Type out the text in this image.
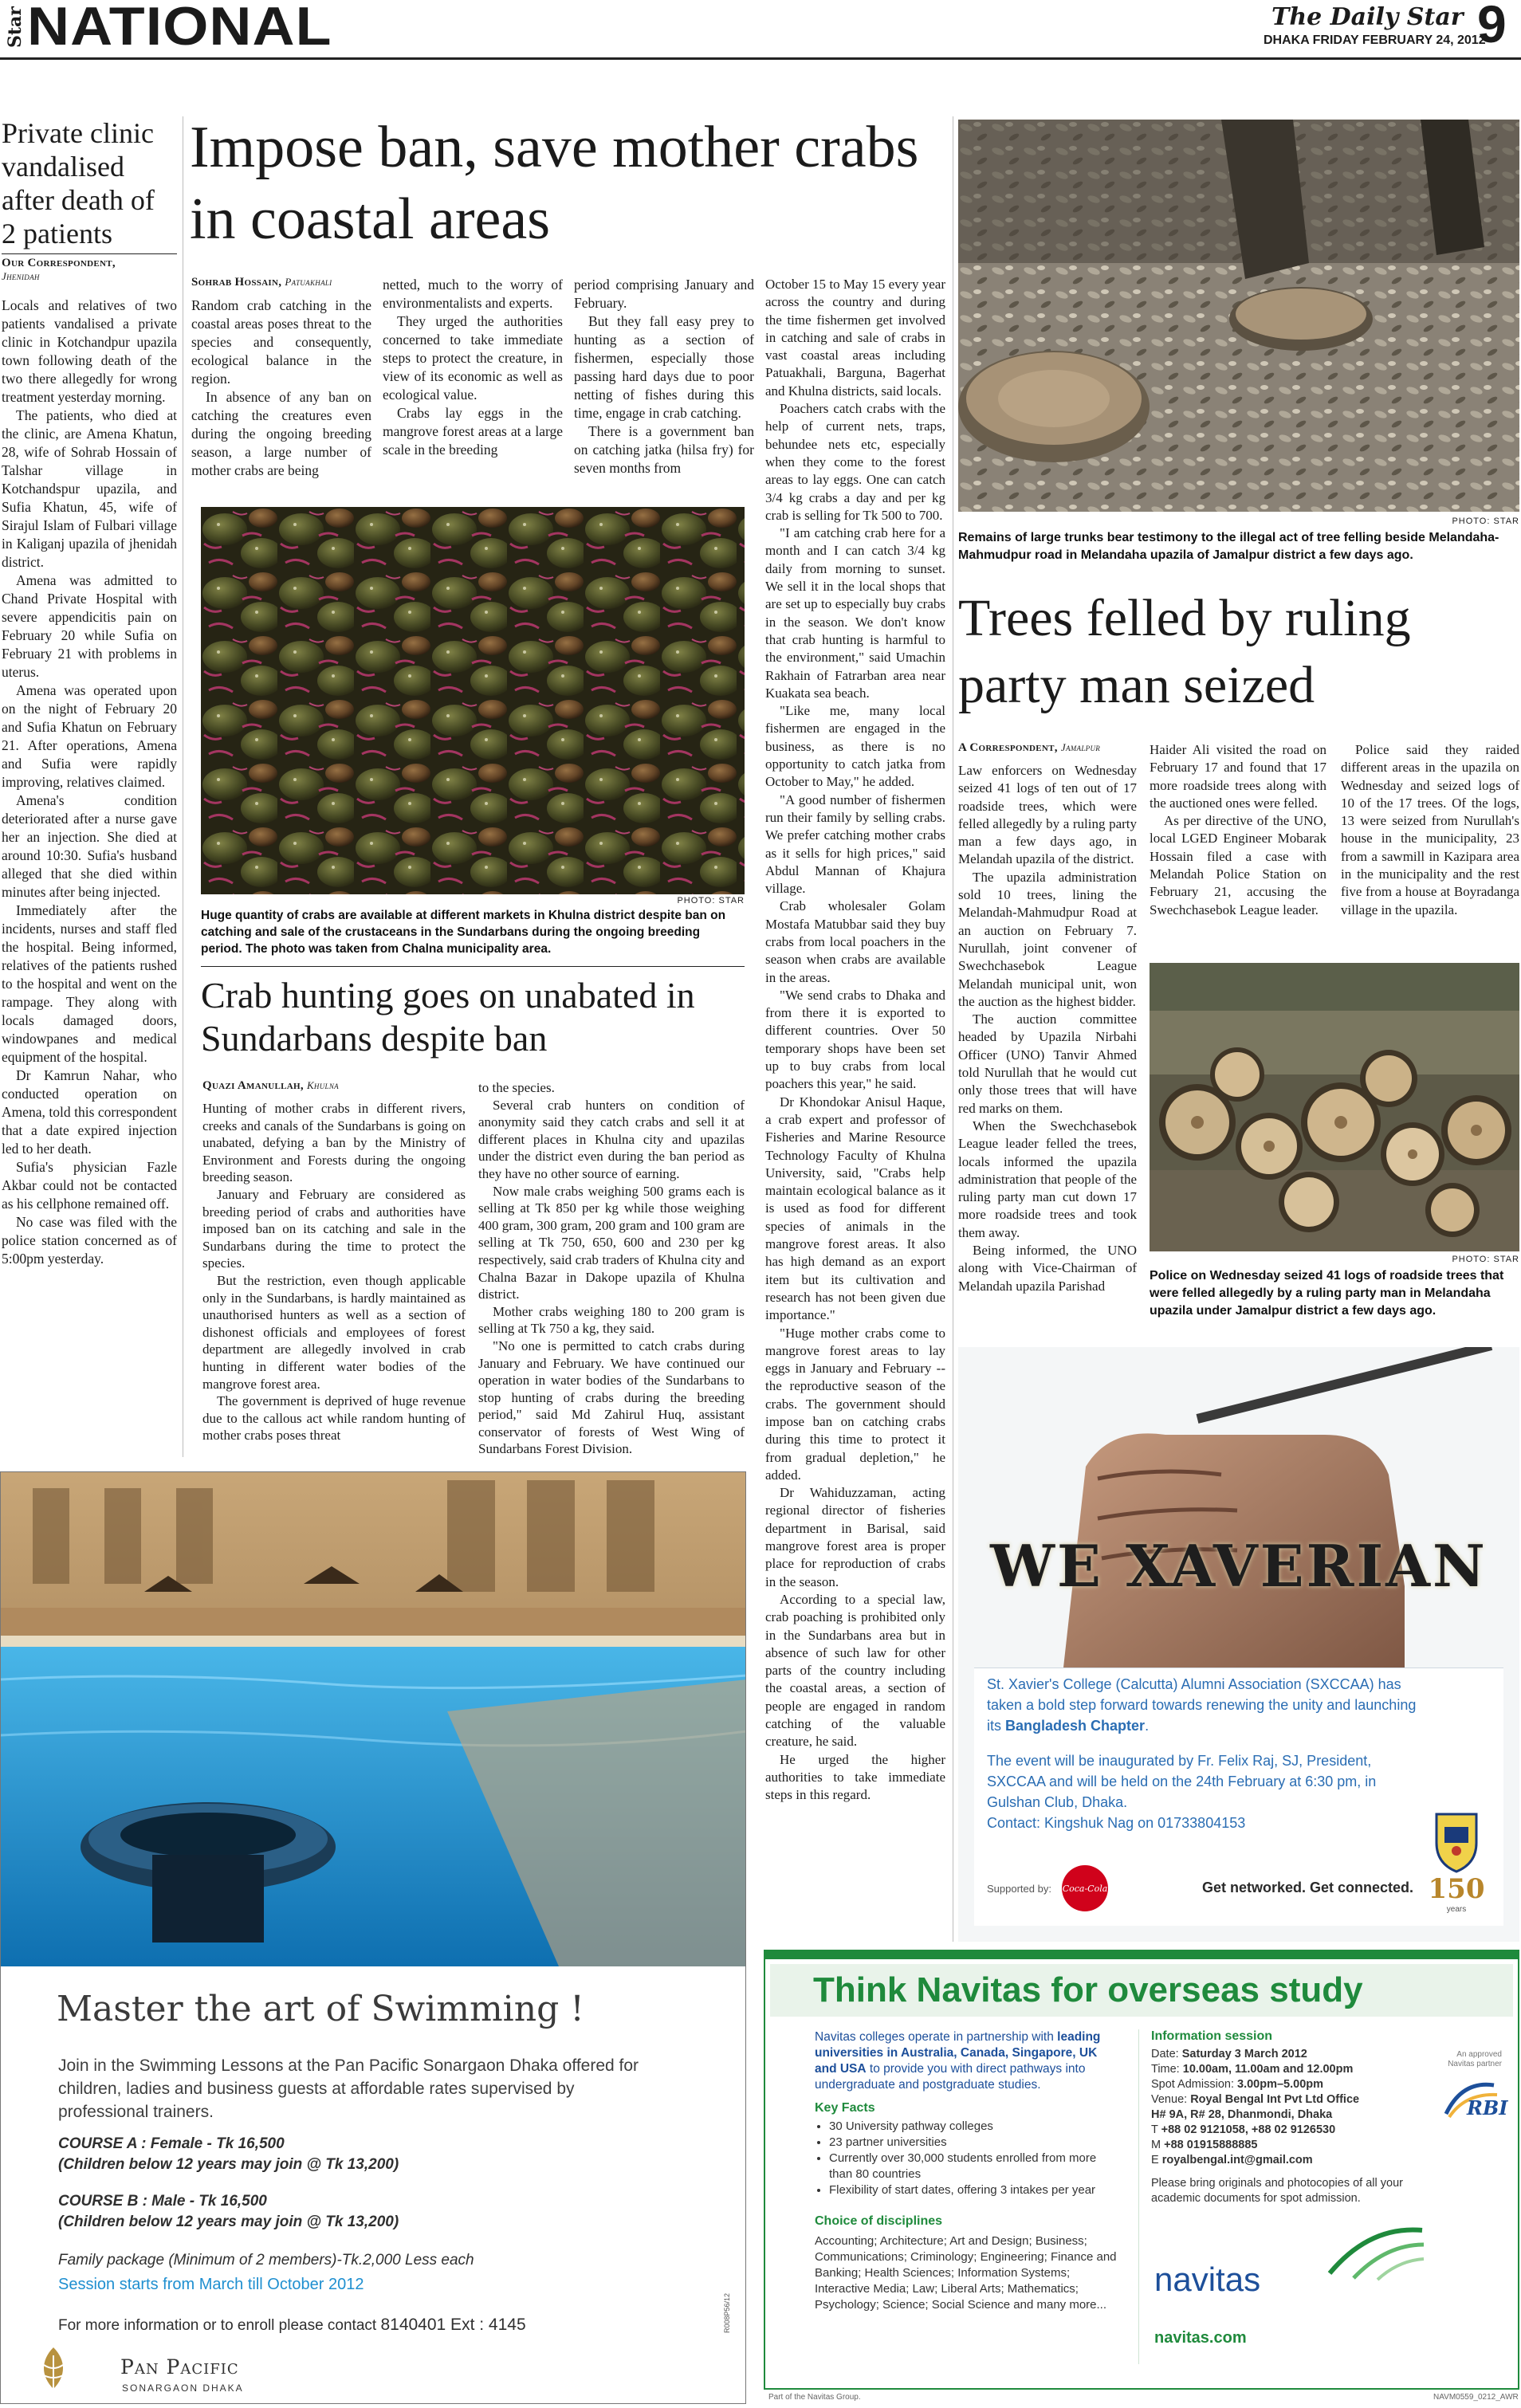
Star NATIONAL	The Daily Star
DHAKA FRIDAY FEBRUARY 24, 2012
9
Private clinic vandalised after death of 2 patients
Our Correspondent,
Jhenidah

Locals and relatives of two patients vandalised a private clinic in Kotchandpur upazila town following death of the two there allegedly for wrong treatment yesterday morning.

The patients, who died at the clinic, are Amena Khatun, 28, wife of Sohrab Hossain of Talshar village in Kotchandspur upazila, and Sufia Khatun, 45, wife of Sirajul Islam of Fulbari village in Kaliganj upazila of jhenidah district.

Amena was admitted to Chand Private Hospital with severe appendicitis pain on February 20 while Sufia on February 21 with problems in uterus.

Amena was operated upon on the night of February 20 and Sufia Khatun on February 21. After operations, Amena and Sufia were rapidly improving, relatives claimed.

Amena's condition deteriorated after a nurse gave her an injection. She died at around 10:30. Sufia's husband alleged that she died within minutes after being injected.

Immediately after the incidents, nurses and staff fled the hospital. Being informed, relatives of the patients rushed to the hospital and went on the rampage. They along with locals damaged doors, windowpanes and medical equipment of the hospital.

Dr Kamrun Nahar, who conducted operation on Amena, told this correspondent that a date expired injection led to her death.

Sufia's physician Fazle Akbar could not be contacted as his cellphone remained off.

No case was filed with the police station concerned as of 5:00pm yesterday.

Impose ban, save mother crabs in coastal areas
Sohrab Hossain, Patuakhali

Random crab catching in the coastal areas poses threat to the species and consequently, ecological balance in the region.

In absence of any ban on catching the creatures even during the ongoing breeding season, a large number of mother crabs are being

netted, much to the worry of environmentalists and experts.

They urged the authorities concerned to take immediate steps to protect the creature, in view of its economic as well as ecological value.

Crabs lay eggs in the mangrove forest areas at a large scale in the breeding

period comprising January and February.

But they fall easy prey to hunting as a section of fishermen, especially those passing hard days due to poor netting of fishes during this time, engage in crab catching.

There is a government ban on catching jatka (hilsa fry) for seven months from

October 15 to May 15 every year across the country and during the time fishermen get involved in catching and sale of crabs in vast coastal areas including Patuakhali, Barguna, Bagerhat and Khulna districts, said locals.

Poachers catch crabs with the help of current nets, traps, behundee nets etc, especially when they come to the forest areas to lay eggs. One can catch 3/4 kg crabs a day and per kg crab is selling for Tk 500 to 700.

"I am catching crab here for a month and I can catch 3/4 kg daily from morning to sunset. We sell it in the local shops that are set up to especially buy crabs in the season. We don't know that crab hunting is harmful to the environment," said Umachin Rakhain of Fatrarban area near Kuakata sea beach.

"Like me, many local fishermen are engaged in the business, as there is no opportunity to catch jatka from October to May," he added.

"A good number of fishermen run their family by selling crabs. We prefer catching mother crabs as it sells for high prices," said Abdul Mannan of Khajura village.

Crab wholesaler Golam Mostafa Matubbar said they buy crabs from local poachers in the season when crabs are available in the areas.

"We send crabs to Dhaka and from there it is exported to different countries. Over 50 temporary shops have been set up to buy crabs from local poachers this year," he said.

Dr Khondokar Anisul Haque, a crab expert and professor of Fisheries and Marine Resource Technology Faculty of Khulna University, said, "Crabs help maintain ecological balance as it is used as food for different species of animals in the mangrove forest areas. It also has high demand as an export item but its cultivation and research has not been given due importance."

"Huge mother crabs come to mangrove forest areas to lay eggs in January and February -- the reproductive season of the crabs. The government should impose ban on catching crabs during this time to protect it from gradual depletion," he added.

Dr Wahiduzzaman, acting regional director of fisheries department in Barisal, said mangrove forest area is proper place for reproduction of crabs in the season.

According to a special law, crab poaching is prohibited only in the Sundarbans area but in absence of such law for other parts of the country including the coastal areas, a section of people are engaged in random catching of the valuable creature, he said.

He urged the higher authorities to take immediate steps in this regard.

PHOTO: STAR
Huge quantity of crabs are available at different markets in Khulna district despite ban on catching and sale of the crustaceans in the Sundarbans during the ongoing breeding period. The photo was taken from Chalna municipality area.
Crab hunting goes on unabated in Sundarbans despite ban
Quazi Amanullah, Khulna

Hunting of mother crabs in different rivers, creeks and canals of the Sundarbans is going on unabated, defying a ban by the Ministry of Environment and Forests during the ongoing breeding season.

January and February are considered as breeding period of crabs and authorities have imposed ban on its catching and sale in the Sundarbans during the time to protect the species.

But the restriction, even though applicable only in the Sundarbans, is hardly maintained as unauthorised hunters as well as a section of dishonest officials and employees of forest department are allegedly involved in crab hunting in different water bodies of the mangrove forest area.

The government is deprived of huge revenue due to the callous act while random hunting of mother crabs poses threat

to the species.

Several crab hunters on condition of anonymity said they catch crabs and sell it at different places in Khulna city and upazilas under the district even during the ban period as they have no other source of earning.

Now male crabs weighing 500 grams each is selling at Tk 850 per kg while those weighing 400 gram, 300 gram, 200 gram and 100 gram are selling at Tk 750, 650, 600 and 230 per kg respectively, said crab traders of Khulna city and Chalna Bazar in Dakope upazila of Khulna district.

Mother crabs weighing 180 to 200 gram is selling at Tk 750 a kg, they said.

"No one is permitted to catch crabs during January and February. We have continued our operation in water bodies of the Sundarbans to stop hunting of crabs during the breeding period," said Md Zahirul Huq, assistant conservator of forests of West Wing of Sundarbans Forest Division.

PHOTO: STAR
Remains of large trunks bear testimony to the illegal act of tree felling beside Melandaha-Mahmudpur road in Melandaha upazila of Jamalpur district a few days ago.
Trees felled by ruling party man seized
A Correspondent, Jamalpur

Law enforcers on Wednesday seized 41 logs of ten out of 17 roadside trees, which were felled allegedly by a ruling party man a few days ago, in Melandah upazila of the district.

The upazila administration sold 10 trees, lining the Melandah-Mahmudpur Road at an auction on February 7. Nurullah, joint convener of Swechchasebok League Melandah municipal unit, won the auction as the highest bidder.

The auction committee headed by Upazila Nirbahi Officer (UNO) Tanvir Ahmed told Nurullah that he would cut only those trees that will have red marks on them.

When the Swechchasebok League leader felled the trees, locals informed the upazila administration that people of the ruling party man cut down 17 more roadside trees and took them away.

Being informed, the UNO along with Vice-Chairman of Melandah upazila Parishad

Haider Ali visited the road on February 17 and found that 17 more roadside trees along with the auctioned ones were felled.

As per directive of the UNO, local LGED Engineer Mobarak Hossain filed a case with Melandah Police Station on February 21, accusing the Swechchasebok League leader.

Police said they raided different areas in the upazila on Wednesday and seized logs of 10 of the 17 trees. Of the logs, 13 were seized from Nurullah's house in the municipality, 23 from a sawmill in Kazipara area in the municipality and the rest five from a house at Boyradanga village in the upazila.

PHOTO: STAR
Police on Wednesday seized 41 logs of roadside trees that were felled allegedly by a ruling party man in Melandaha upazila under Jamalpur district a few days ago.
WE XAVERIAN
St. Xavier's College (Calcutta) Alumni Association (SXCCAA) has taken a bold step forward towards renewing the unity and launching its Bangladesh Chapter.
The event will be inaugurated by Fr. Felix Raj, SJ, President, SXCCAA and will be held on the 24th February at 6:30 pm, in Gulshan Club, Dhaka.
Contact: Kingshuk Nag on 01733804153
Supported by: Coca-Cola	Get networked. Get connected. 150
years
Master the art of Swimming !
Join in the Swimming Lessons at the Pan Pacific Sonargaon Dhaka offered for children, ladies and business guests at affordable rates supervised by professional trainers.
COURSE A : Female - Tk 16,500
(Children below 12 years may join @ Tk 13,200)
COURSE B : Male - Tk 16,500
(Children below 12 years may join @ Tk 13,200)
Family package (Minimum of 2 members)-Tk.2,000 Less each
Session starts from March till October 2012
For more information or to enroll please contact 8140401 Ext : 4145
Pan Pacific
SONARGAON DHAKA
R008P56/12
Think Navitas for overseas study
Navitas colleges operate in partnership with leading universities in Australia, Canada, Singapore, UK and USA to provide you with direct pathways into undergraduate and postgraduate studies.
Key Facts
• 30 University pathway colleges
• 23 partner universities
• Currently over 30,000 students enrolled from more than 80 countries
• Flexibility of start dates, offering 3 intakes per year
Choice of disciplines
Accounting; Architecture; Art and Design; Business; Communications; Criminology; Engineering; Finance and Banking; Health Sciences; Information Systems; Interactive Media; Law; Liberal Arts; Mathematics; Psychology; Science; Social Science and many more...
Information session
Date: Saturday 3 March 2012
Time: 10.00am, 11.00am and 12.00pm
Spot Admission: 3.00pm–5.00pm
Venue: Royal Bengal Int Pvt Ltd Office
H# 9A, R# 28, Dhanmondi, Dhaka
T +88 02 9121058, +88 02 9126530
M +88 01915888885
E royalbengal.int@gmail.com
Please bring originals and photocopies of all your academic documents for spot admission.
An approved Navitas partner
RBI
navitas
navitas.com
Part of the Navitas Group.	NAVM0559_0212_AWR
